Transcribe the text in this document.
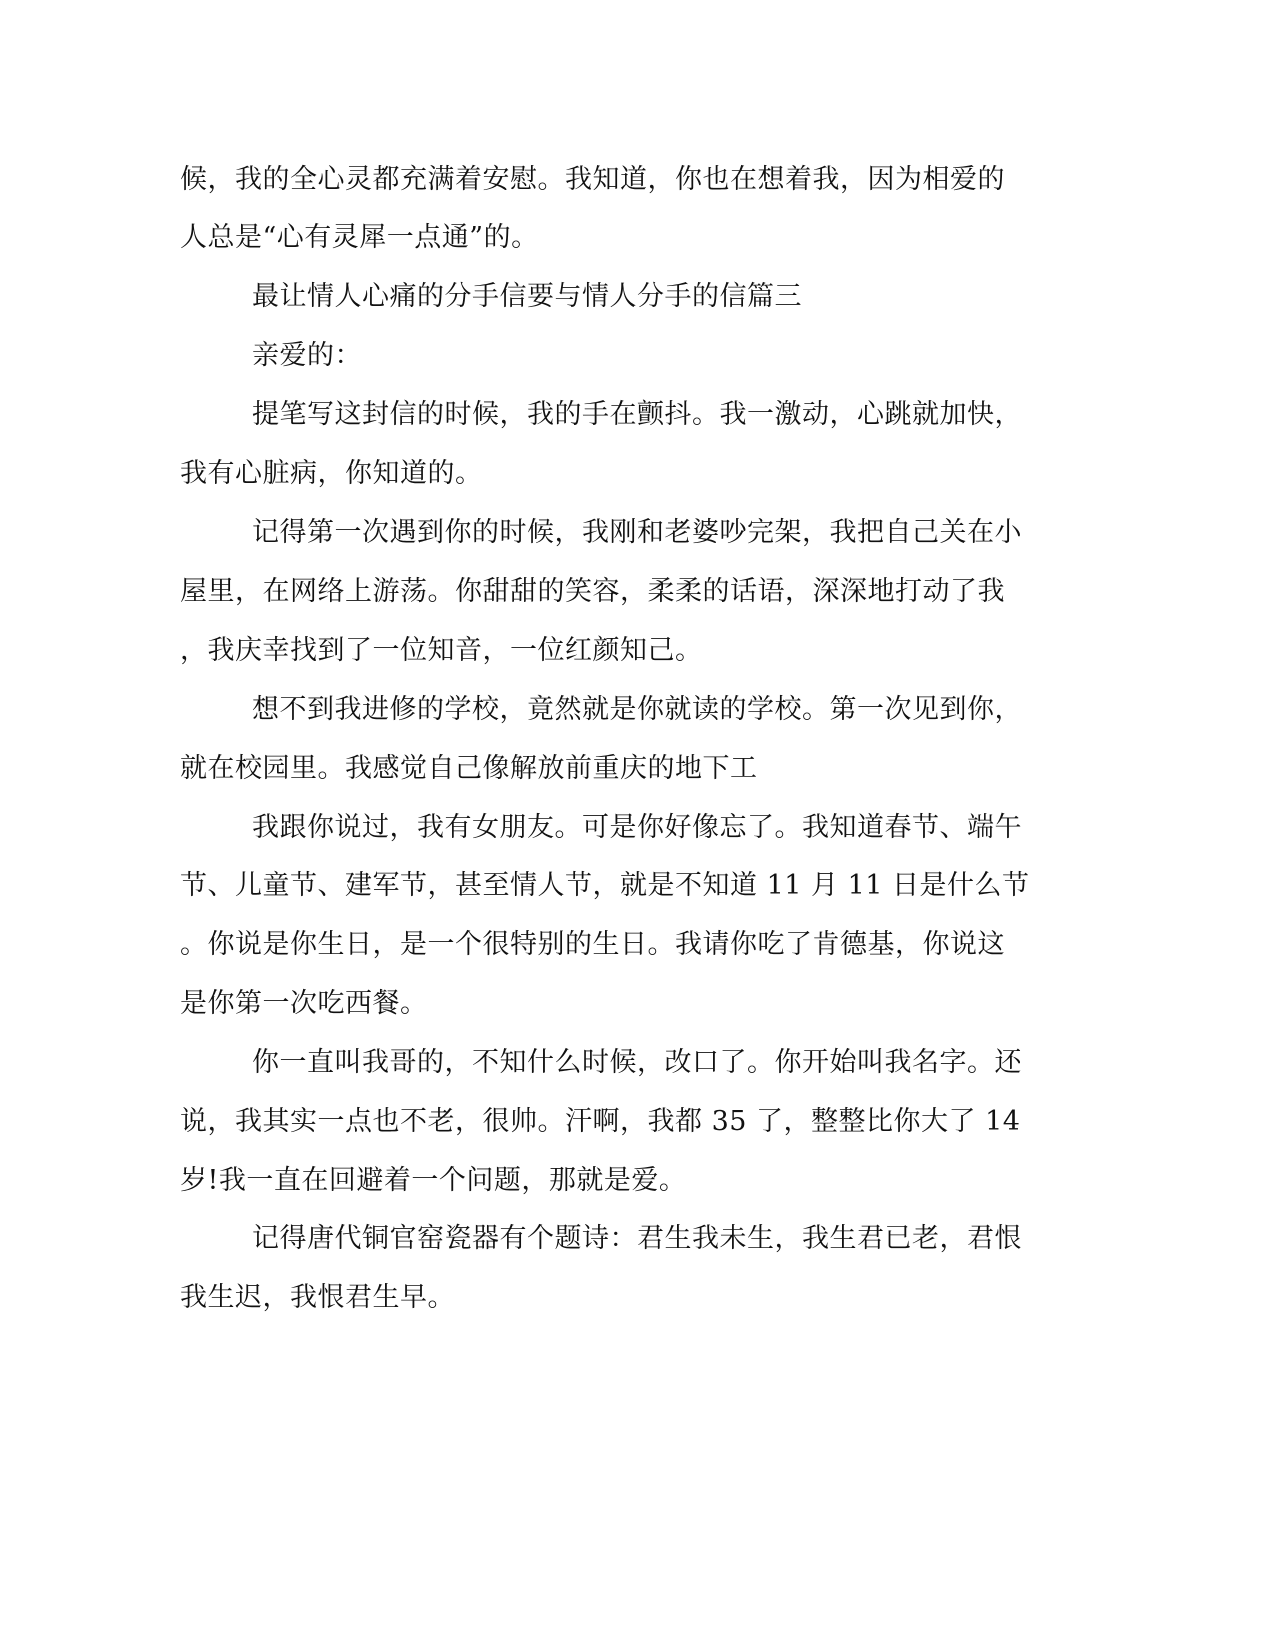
候，我的全心灵都充满着安慰。我知道，你也在想着我，因为相爱的
人总是“心有灵犀一点通”的。
最让情人心痛的分手信要与情人分手的信篇三
亲爱的：
提笔写这封信的时候，我的手在颤抖。我一激动，心跳就加快，
我有心脏病，你知道的。
记得第一次遇到你的时候，我刚和老婆吵完架，我把自己关在小
屋里，在网络上游荡。你甜甜的笑容，柔柔的话语，深深地打动了我
，我庆幸找到了一位知音，一位红颜知己。
想不到我进修的学校，竟然就是你就读的学校。第一次见到你，
就在校园里。我感觉自己像解放前重庆的地下工
我跟你说过，我有女朋友。可是你好像忘了。我知道春节、端午
节、儿童节、建军节，甚至情人节，就是不知道 11 月 11 日是什么节
。你说是你生日，是一个很特别的生日。我请你吃了肯德基，你说这
是你第一次吃西餐。
你一直叫我哥的，不知什么时候，改口了。你开始叫我名字。还
说，我其实一点也不老，很帅。汗啊，我都 35 了，整整比你大了 14
岁!我一直在回避着一个问题，那就是爱。
记得唐代铜官窑瓷器有个题诗：君生我未生，我生君已老，君恨
我生迟，我恨君生早。
